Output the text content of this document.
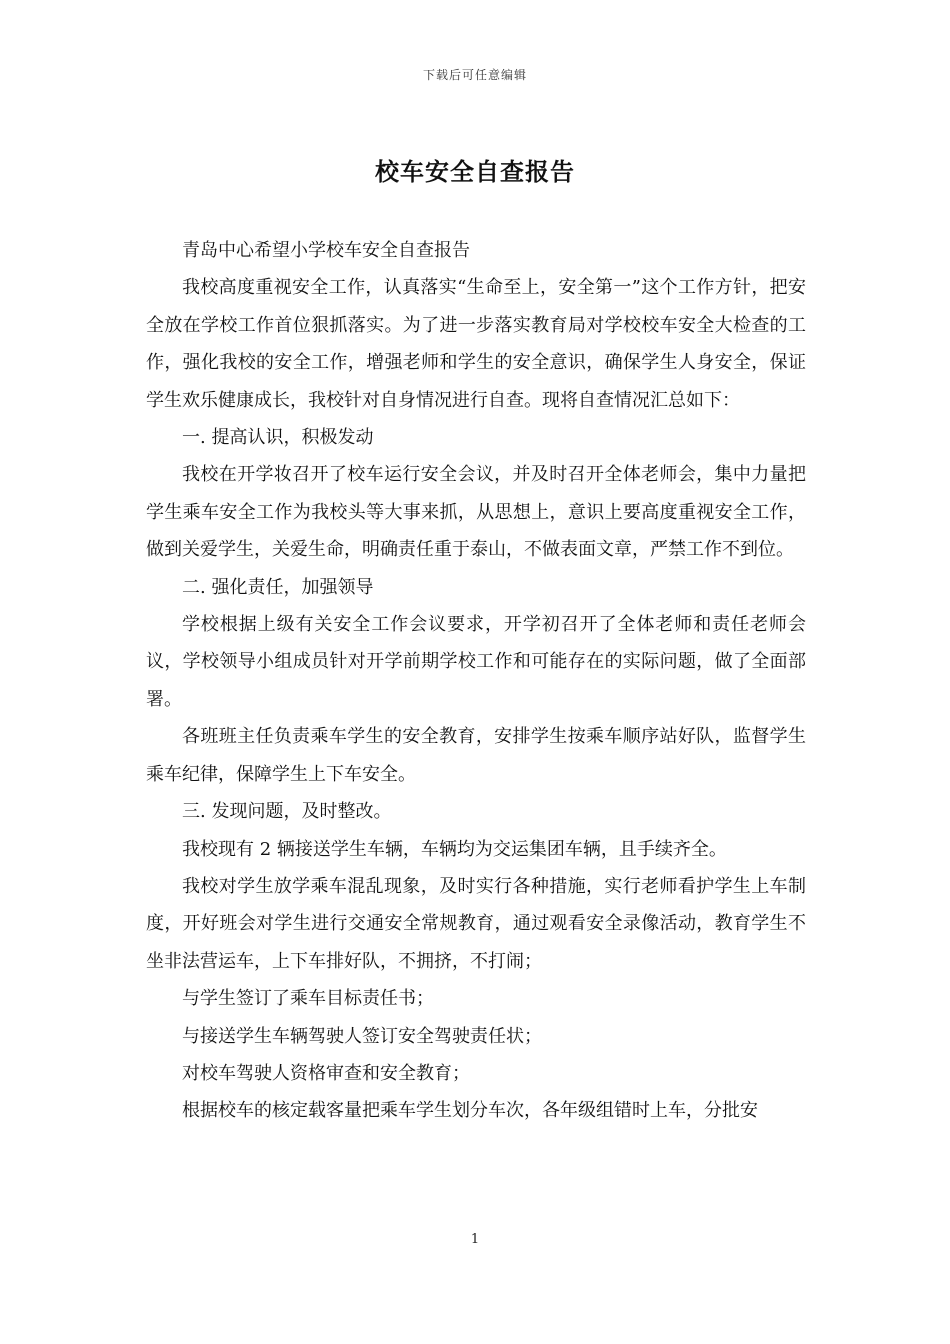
下载后可任意编辑
校车安全自查报告

青岛中心希望小学校车安全自查报告

我校高度重视安全工作，认真落实“生命至上，安全第一”这个工作方针，把安全放在学校工作首位狠抓落实。为了进一步落实教育局对学校校车安全大检查的工作，强化我校的安全工作，增强老师和学生的安全意识，确保学生人身安全，保证学生欢乐健康成长，我校针对自身情况进行自查。现将自查情况汇总如下：

一. 提高认识，积极发动

我校在开学妆召开了校车运行安全会议，并及时召开全体老师会，集中力量把学生乘车安全工作为我校头等大事来抓，从思想上，意识上要高度重视安全工作，做到关爱学生，关爱生命，明确责任重于泰山，不做表面文章，严禁工作不到位。

二. 强化责任，加强领导

学校根据上级有关安全工作会议要求，开学初召开了全体老师和责任老师会议，学校领导小组成员针对开学前期学校工作和可能存在的实际问题，做了全面部署。

各班班主任负责乘车学生的安全教育，安排学生按乘车顺序站好队，监督学生乘车纪律，保障学生上下车安全。

三. 发现问题，及时整改。

我校现有 2 辆接送学生车辆，车辆均为交运集团车辆，且手续齐全。

我校对学生放学乘车混乱现象，及时实行各种措施，实行老师看护学生上车制度，开好班会对学生进行交通安全常规教育，通过观看安全录像活动，教育学生不坐非法营运车，上下车排好队，不拥挤，不打闹；

与学生签订了乘车目标责任书；

与接送学生车辆驾驶人签订安全驾驶责任状；

对校车驾驶人资格审查和安全教育；

根据校车的核定载客量把乘车学生划分车次，各年级组错时上车，分批安

1
